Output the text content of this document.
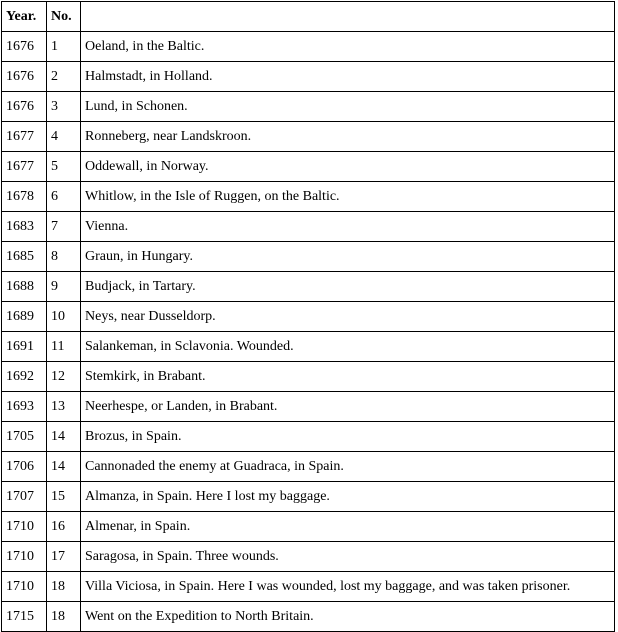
Year.	No.	
1676	1	Oeland, in the Baltic.
1676	2	Halmstadt, in Holland.
1676	3	Lund, in Schonen.
1677	4	Ronneberg, near Landskroon.
1677	5	Oddewall, in Norway.
1678	6	Whitlow, in the Isle of Ruggen, on the Baltic.
1683	7	Vienna.
1685	8	Graun, in Hungary.
1688	9	Budjack, in Tartary.
1689	10	Neys, near Dusseldorp.
1691	11	Salankeman, in Sclavonia. Wounded.
1692	12	Stemkirk, in Brabant.
1693	13	Neerhespe, or Landen, in Brabant.
1705	14	Brozus, in Spain.
1706	14	Cannonaded the enemy at Guadraca, in Spain.
1707	15	Almanza, in Spain. Here I lost my baggage.
1710	16	Almenar, in Spain.
1710	17	Saragosa, in Spain. Three wounds.
1710	18	Villa Viciosa, in Spain. Here I was wounded, lost my baggage, and was taken prisoner.
1715	18	Went on the Expedition to North Britain.
